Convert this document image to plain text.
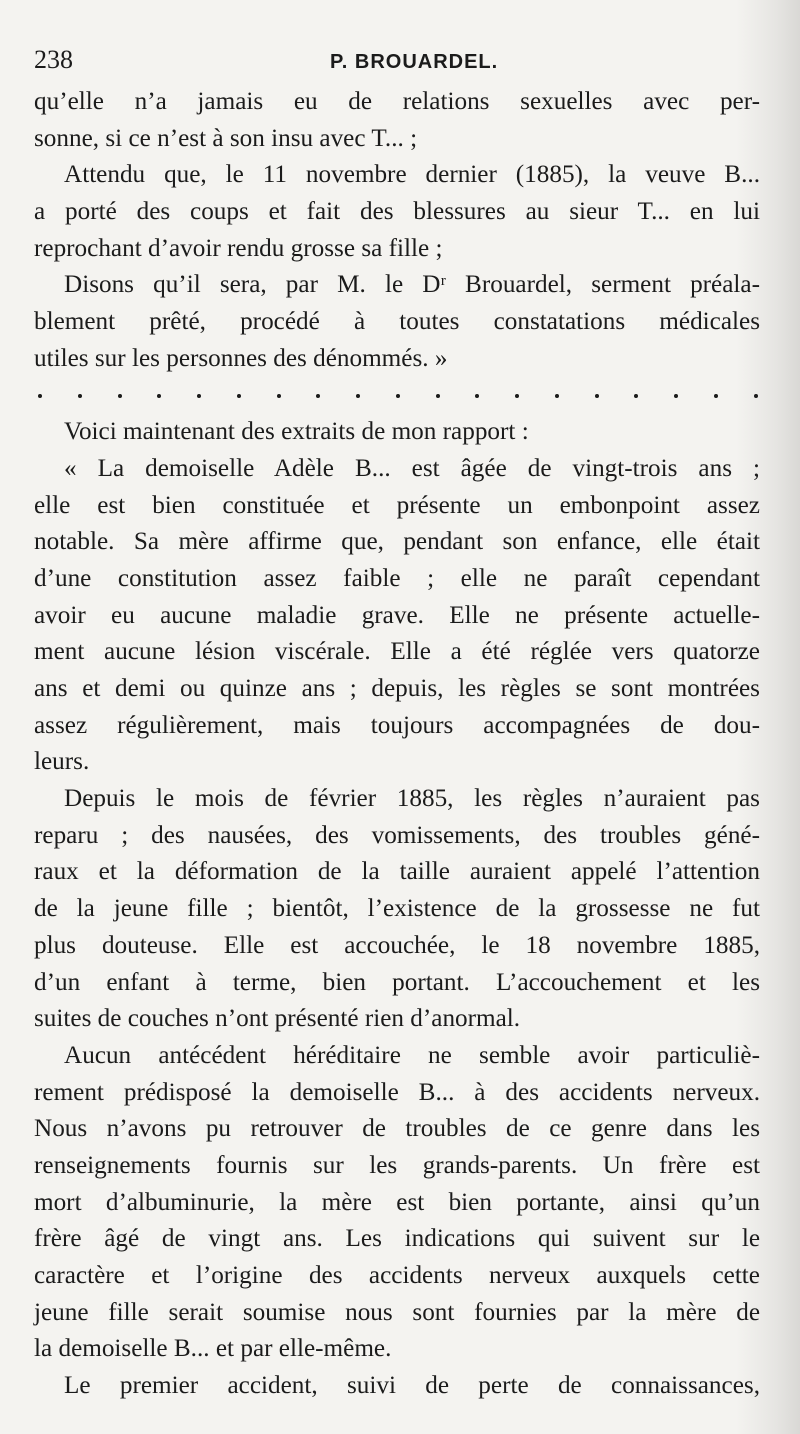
238	P. BROUARDEL.
qu’elle n’a jamais eu de relations sexuelles avec per-
sonne, si ce n’est à son insu avec T... ;
Attendu que, le 11 novembre dernier (1885), la veuve B...
a porté des coups et fait des blessures au sieur T... en lui
reprochant d’avoir rendu grosse sa fille ;
Disons qu’il sera, par M. le Dʳ Brouardel, serment préala-
blement prêté, procédé à toutes constatations médicales
utiles sur les personnes des dénommés. »
Voici maintenant des extraits de mon rapport :
« La demoiselle Adèle B... est âgée de vingt-trois ans ;
elle est bien constituée et présente un embonpoint assez
notable. Sa mère affirme que, pendant son enfance, elle était
d’une constitution assez faible ; elle ne paraît cependant
avoir eu aucune maladie grave. Elle ne présente actuelle-
ment aucune lésion viscérale. Elle a été réglée vers quatorze
ans et demi ou quinze ans ; depuis, les règles se sont montrées
assez régulièrement, mais toujours accompagnées de dou-
leurs.
Depuis le mois de février 1885, les règles n’auraient pas
reparu ; des nausées, des vomissements, des troubles géné-
raux et la déformation de la taille auraient appelé l’attention
de la jeune fille ; bientôt, l’existence de la grossesse ne fut
plus douteuse. Elle est accouchée, le 18 novembre 1885,
d’un enfant à terme, bien portant. L’accouchement et les
suites de couches n’ont présenté rien d’anormal.
Aucun antécédent héréditaire ne semble avoir particuliè-
rement prédisposé la demoiselle B... à des accidents nerveux.
Nous n’avons pu retrouver de troubles de ce genre dans les
renseignements fournis sur les grands-parents. Un frère est
mort d’albuminurie, la mère est bien portante, ainsi qu’un
frère âgé de vingt ans. Les indications qui suivent sur le
caractère et l’origine des accidents nerveux auxquels cette
jeune fille serait soumise nous sont fournies par la mère de
la demoiselle B... et par elle-même.
Le premier accident, suivi de perte de connaissances,
